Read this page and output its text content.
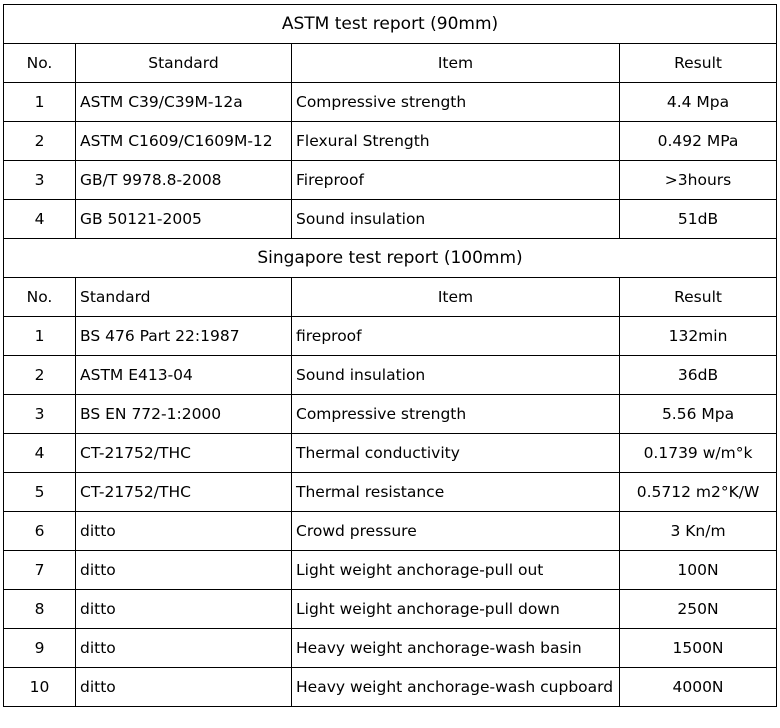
ASTM test report (90mm)			
No.	Standard	Item	Result
1	ASTM C39/C39M-12a	Compressive strength	4.4 Mpa
2	ASTM C1609/C1609M-12	Flexural Strength	0.492 MPa
3	GB/T 9978.8-2008	Fireproof	>3hours
4	GB 50121-2005	Sound insulation	51dB
Singapore test report (100mm)			
No.	Standard	Item	Result
1	BS 476 Part 22:1987	fireproof	132min
2	ASTM E413-04	Sound insulation	36dB
3	BS EN 772-1:2000	Compressive strength	5.56 Mpa
4	CT-21752/THC	Thermal conductivity	0.1739 w/m°k
5	CT-21752/THC	Thermal resistance	0.5712 m2°K/W
6	ditto	Crowd pressure	3 Kn/m
7	ditto	Light weight anchorage-pull out	100N
8	ditto	Light weight anchorage-pull down	250N
9	ditto	Heavy weight anchorage-wash basin	1500N
10	ditto	Heavy weight anchorage-wash cupboard	4000N
